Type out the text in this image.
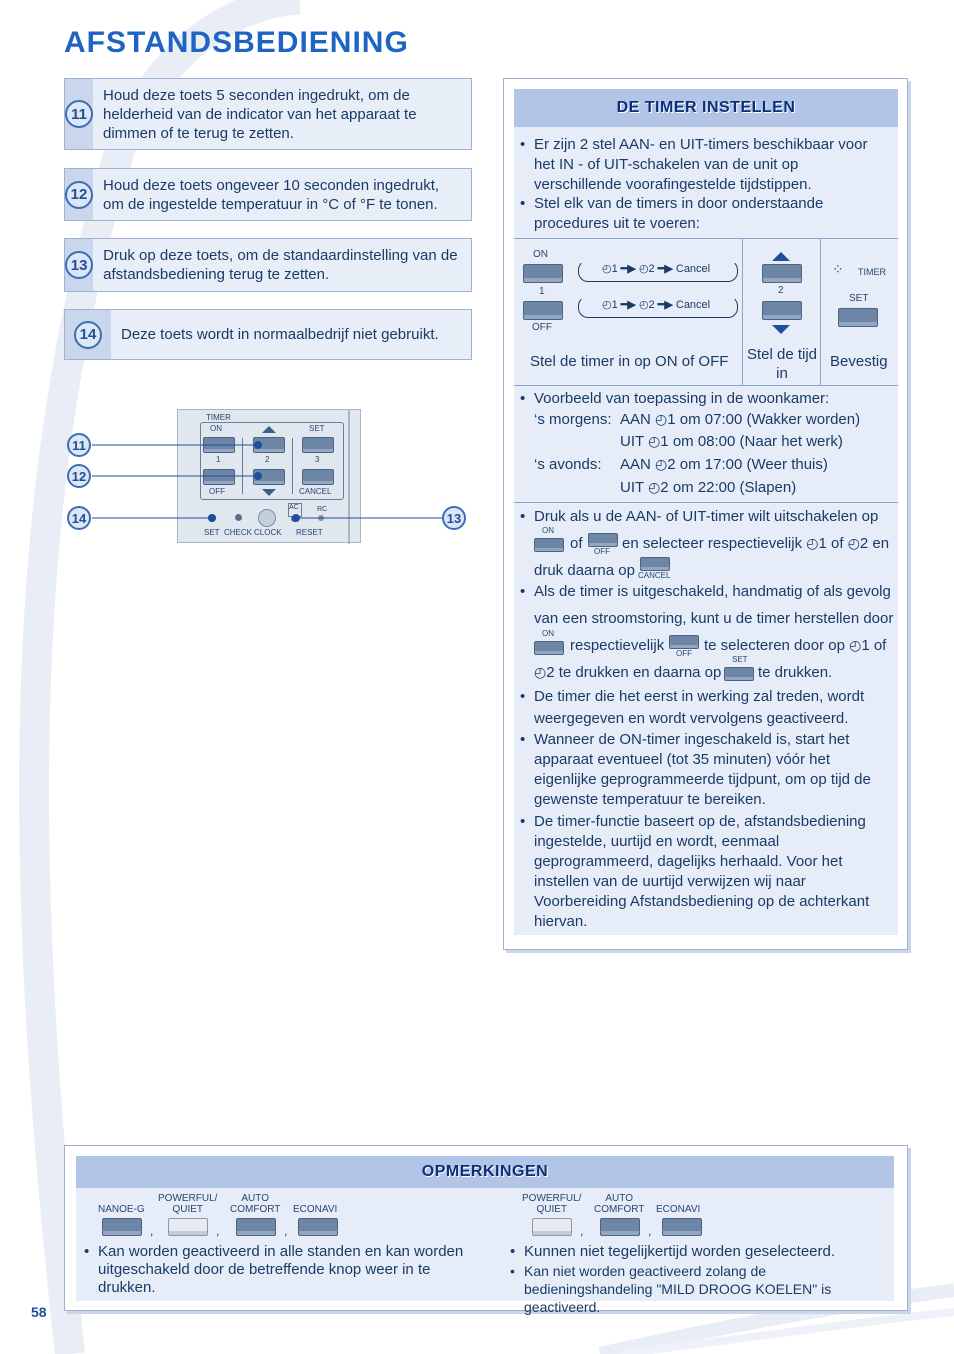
AFSTANDSBEDIENING
11
Houd deze toets 5 seconden ingedrukt, om de helderheid van de indicator van het apparaat te dimmen of te terug te zetten.
12
Houd deze toets ongeveer 10 seconden ingedrukt, om de ingestelde temperatuur in °C of °F te tonen.
13
Druk op deze toets, om de standaardinstelling van de afstandsbediening terug te zetten.
14	Deze toets wordt in normaalbedrijf niet gebruikt.
TIMER
ON	SET
1	2	3
OFF	CANCEL
AC	RC
SET CHECK CLOCK RESET
11
12
14	13
DE TIMER INSTELLEN
• Er zijn 2 stel AAN- en UIT-timers beschikbaar voor het IN - of UIT-schakelen van de unit op verschillende voorafingestelde tijdstippen.
• Stel elk van de timers in door onderstaande procedures uit te voeren:
ON
1
OFF
◴1 ━▶ ◴2 ━▶ Cancel
◴1 ━▶ ◴2 ━▶ Cancel
Stel de timer in op ON of OFF
2
Stel de tijd in
⁘ TIMER
SET
Bevestig
• Voorbeeld van toepassing in de woonkamer:
‘s morgens: AAN ◴1 om 07:00 (Wakker worden)
UIT ◴1 om 08:00 (Naar het werk)
‘s avonds: AAN ◴2 om 17:00 (Weer thuis)
UIT ◴2 om 22:00 (Slapen)
• Druk als u de AAN- of UIT-timer wilt uitschakelen op
ON
of OFF en selecteer respectievelijk ◴1 of ◴2 en
druk daarna op CANCEL
• Als de timer is uitgeschakeld, handmatig of als gevolg
van een stroomstoring, kunt u de timer herstellen door
ON
respectievelijk OFF te selecteren door op ◴1 of
◴2 te drukken en daarna op
SET
te drukken.
• De timer die het eerst in werking zal treden, wordt
weergegeven en wordt vervolgens geactiveerd.
• Wanneer de ON-timer ingeschakeld is, start het apparaat eventueel (tot 35 minuten) vóór het eigenlijke geprogrammeerde tijdpunt, om op tijd de gewenste temperatuur te bereiken.
• De timer-functie baseert op de, afstandsbediening ingestelde, uurtijd en wordt, eenmaal geprogrammeerd, dagelijks herhaald. Voor het instellen van de uurtijd verwijzen wij naar Voorbereiding Afstandsbediening op de achterkant hiervan.
OPMERKINGEN
NANOE-G
,
POWERFUL/
QUIET
,
AUTO
COMFORT
,
ECONAVI
POWERFUL/
QUIET
,
AUTO
COMFORT
,
ECONAVI
• Kan worden geactiveerd in alle standen en kan worden uitgeschakeld door de betreffende knop weer in te drukken.
• Kunnen niet tegelijkertijd worden geselecteerd.
• Kan niet worden geactiveerd zolang de bedieningshandeling "MILD DROOG KOELEN" is geactiveerd.
58
